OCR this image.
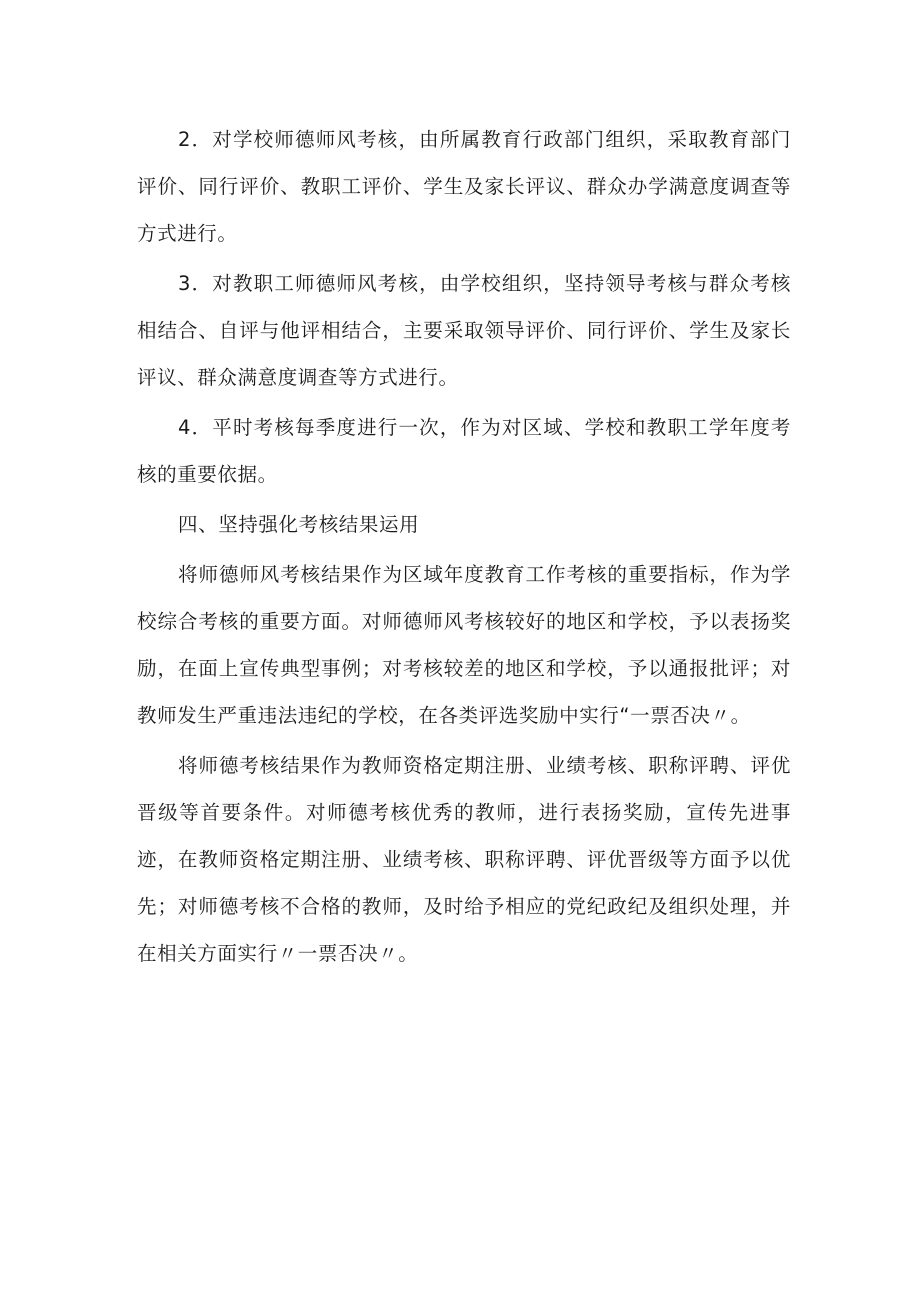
2．对学校师德师风考核，由所属教育行政部门组织，采取教育部门评价、同行评价、教职工评价、学生及家长评议、群众办学满意度调查等方式进行。

3．对教职工师德师风考核，由学校组织，坚持领导考核与群众考核相结合、自评与他评相结合，主要采取领导评价、同行评价、学生及家长评议、群众满意度调查等方式进行。

4．平时考核每季度进行一次，作为对区域、学校和教职工学年度考核的重要依据。

四、坚持强化考核结果运用

将师德师风考核结果作为区域年度教育工作考核的重要指标，作为学校综合考核的重要方面。对师德师风考核较好的地区和学校，予以表扬奖励，在面上宣传典型事例；对考核较差的地区和学校，予以通报批评；对教师发生严重违法违纪的学校，在各类评选奖励中实行“一票否决〃。

将师德考核结果作为教师资格定期注册、业绩考核、职称评聘、评优晋级等首要条件。对师德考核优秀的教师，进行表扬奖励，宣传先进事迹，在教师资格定期注册、业绩考核、职称评聘、评优晋级等方面予以优先；对师德考核不合格的教师，及时给予相应的党纪政纪及组织处理，并在相关方面实行〃一票否决〃。
